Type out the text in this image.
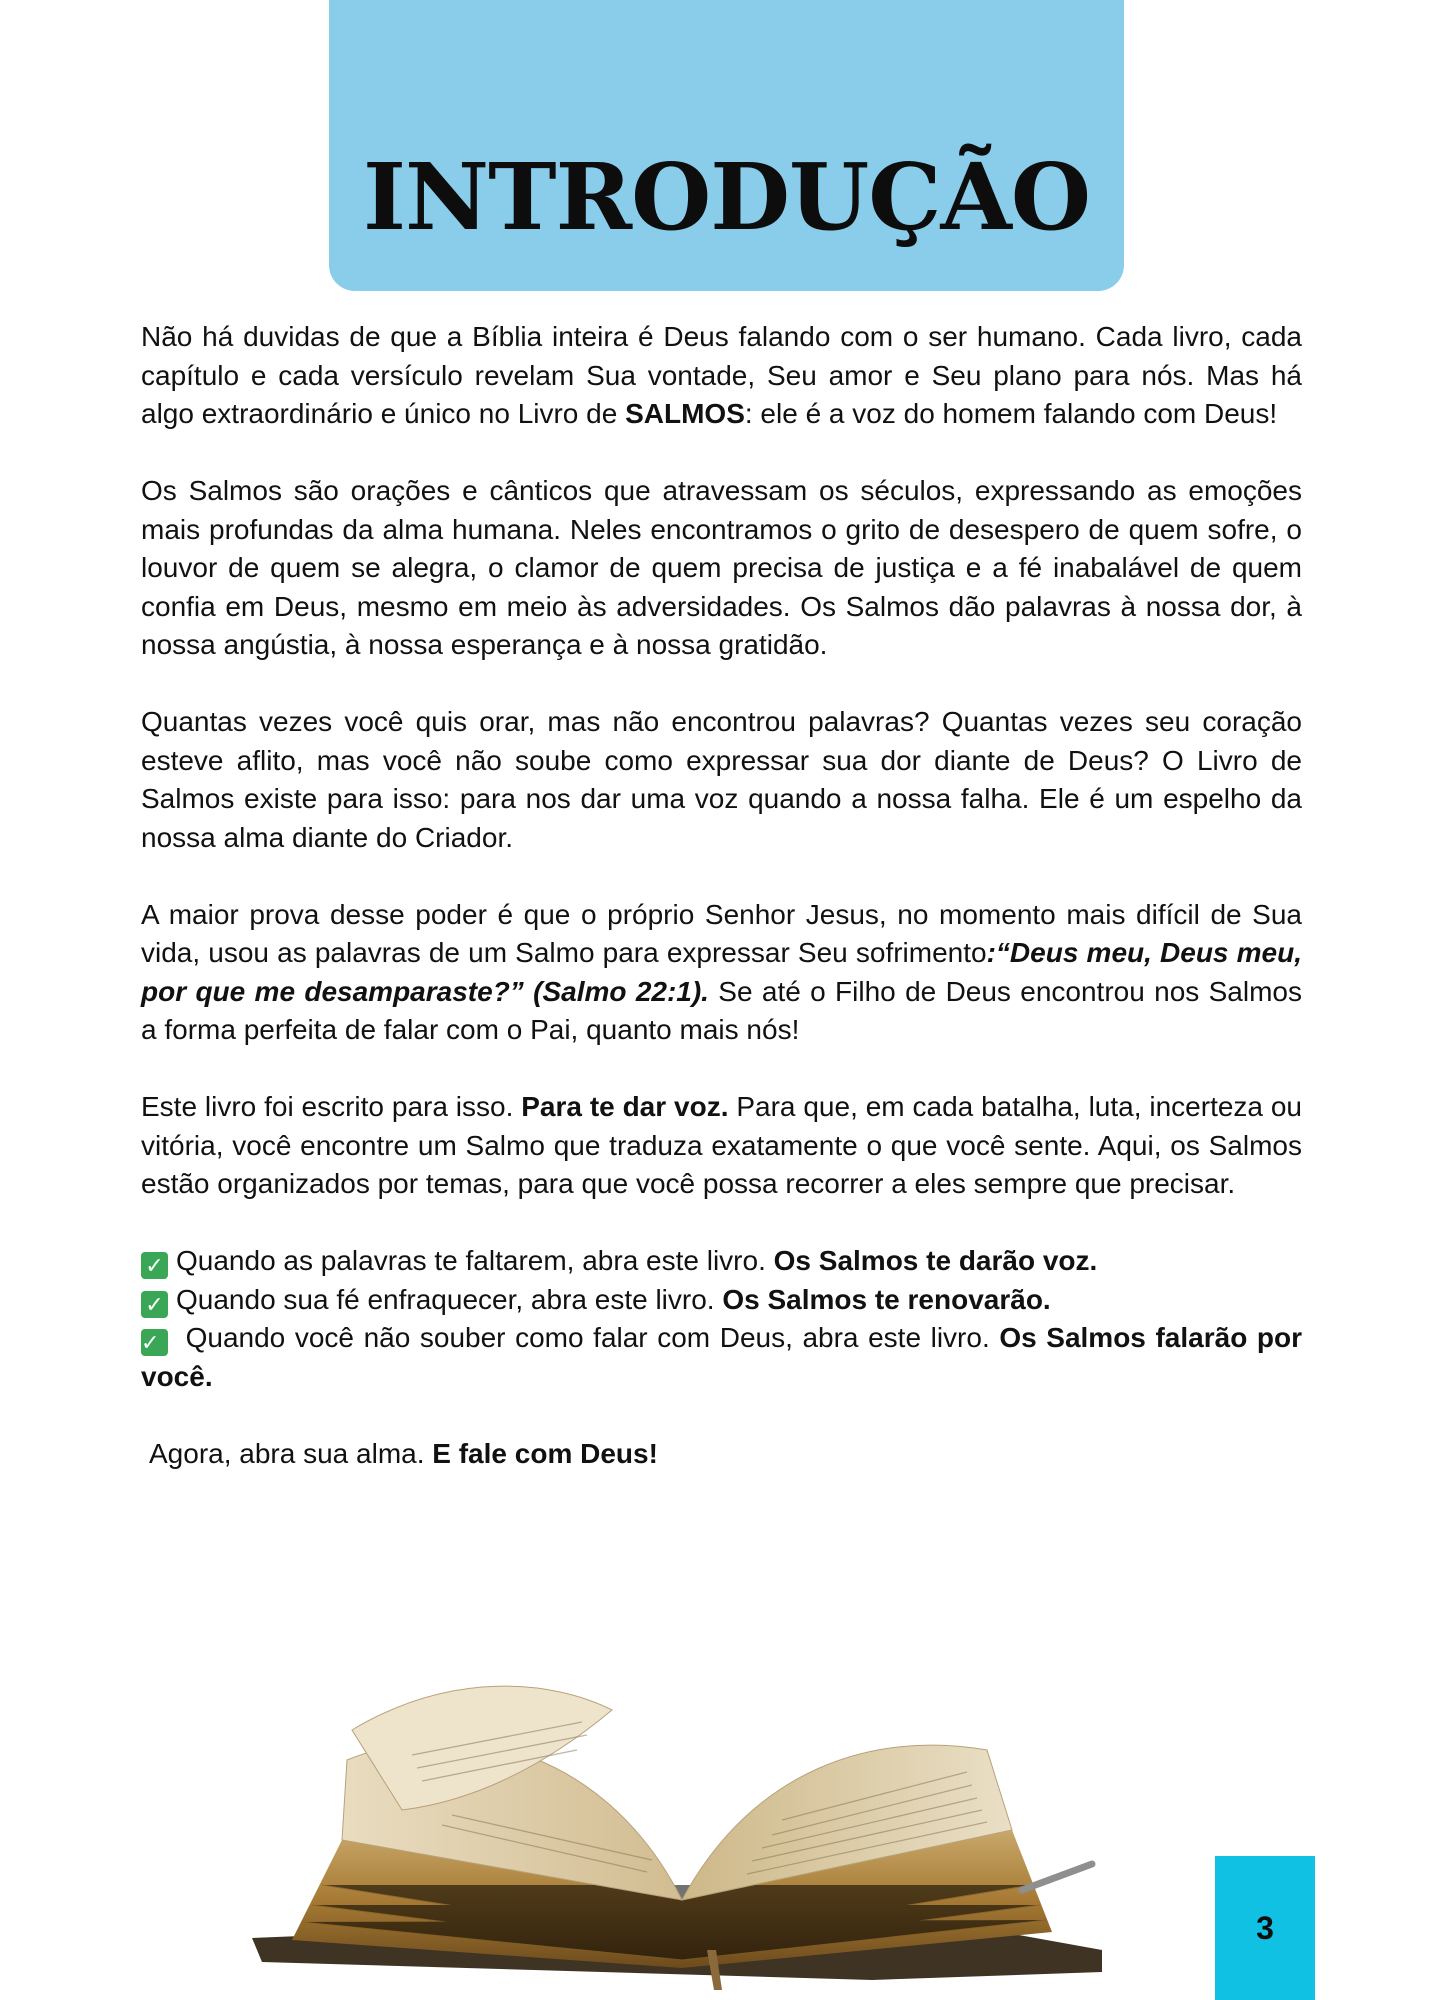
INTRODUÇÃO

Não há duvidas de que a Bíblia inteira é Deus falando com o ser humano. Cada livro, cada capítulo e cada versículo revelam Sua vontade, Seu amor e Seu plano para nós. Mas há algo extraordinário e único no Livro de SALMOS: ele é a voz do homem falando com Deus!

Os Salmos são orações e cânticos que atravessam os séculos, expressando as emoções mais profundas da alma humana. Neles encontramos o grito de desespero de quem sofre, o louvor de quem se alegra, o clamor de quem precisa de justiça e a fé inabalável de quem confia em Deus, mesmo em meio às adversidades. Os Salmos dão palavras à nossa dor, à nossa angústia, à nossa esperança e à nossa gratidão.

Quantas vezes você quis orar, mas não encontrou palavras? Quantas vezes seu coração esteve aflito, mas você não soube como expressar sua dor diante de Deus? O Livro de Salmos existe para isso: para nos dar uma voz quando a nossa falha. Ele é um espelho da nossa alma diante do Criador.

A maior prova desse poder é que o próprio Senhor Jesus, no momento mais difícil de Sua vida, usou as palavras de um Salmo para expressar Seu sofrimento:“Deus meu, Deus meu, por que me desamparaste?” (Salmo 22:1). Se até o Filho de Deus encontrou nos Salmos a forma perfeita de falar com o Pai, quanto mais nós!

Este livro foi escrito para isso. Para te dar voz. Para que, em cada batalha, luta, incerteza ou vitória, você encontre um Salmo que traduza exatamente o que você sente. Aqui, os Salmos estão organizados por temas, para que você possa recorrer a eles sempre que precisar.

✓ Quando as palavras te faltarem, abra este livro. Os Salmos te darão voz.
✓ Quando sua fé enfraquecer, abra este livro. Os Salmos te renovarão.
✓ Quando você não souber como falar com Deus, abra este livro. Os Salmos falarão por você.

Agora, abra sua alma. E fale com Deus!

3
